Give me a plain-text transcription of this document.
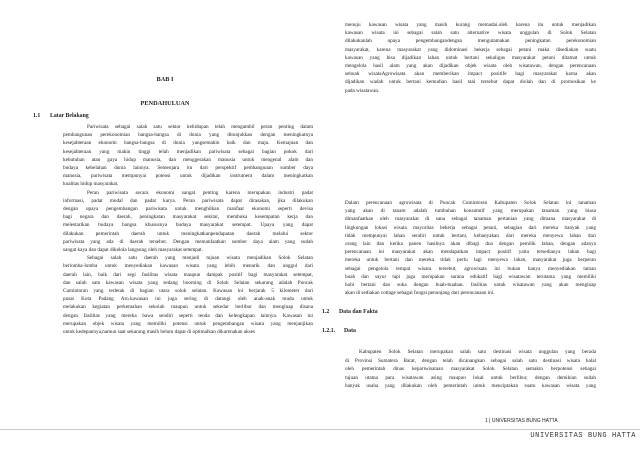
BAB I
PENDAHULUAN
1.1 Latar Belakang
Pariwisata sebagai salah satu sektor kehidupan telah mengambil peran penting dalam
pembangunan perekonomian bangsa-bangsa di dunia yang ditunjukkan dengan meningkatnya
kesejahteraan ekonomi bangsa-bangsa di dunia yangsemakin baik dan maju. Kemajuan dan
kesejahteraan yang makin tinggi telah menjadikan pariwisata sebagai bagian pokok dari
kebutuhan atau gaya hidup manusia, dan menggerakan manusia untuk mengenal alam dan
budaya kebelahan dunia lainnya. Semenjara itu dari perspektif pembangunan sumber daya
manusia, pariwisata mempunyai potensi untuk dijadikan instrument dalam meningkatkan
kualitas hidup masyarakat.
Peran pariwisata secara ekonomi sangat penting karena merupakan industri padat
informasi, padat modal dan padat karya. Peran pariwisata dapat dirasakan, jika dilakukan
dengan upaya pengembangan pariwisata untuk menghilkan manfaat ekonomi seperti devisa
bagi negara dan daerah, peningkatan masyarakat sekitar, membuka kesempatan kerja dan
melestarikan budaya bangsa khususnya budaya masyarakat setempat. Upaya yang dapat
dilakukan pemerintah daerah untuk meningkatkanpendapatan daerah melalui sektor
pariwisata yang ada di daerah tersebut. Dengan memanfaatkan sumber daya alam yang sudah
sangat kaya dan dapat dikelola langsung oleh masyarakat setempat.
Sebagai salah satu daerah yang menjadi tujuan wisata menjadikan Solok Selatan
berlomba-lomba untuk menyediakan kawasan wisata yang lebih menarik dan unggul dari
daerah lain, baik dari segi fasilitas wisata maupun dampak positif bagi masyarakat setempat,
dan salah satu kawasan wisata yang sedang booming di Solok Selatan sekarang adalah Puncak
Cumintoran yang terletak di bagian utara solok selatan. Kawasan ini berjarak 5 kilometer dari
pusat Kota Padang Aro.kawasan ini juga sering di datangi oleh anak-anak muda untuk
melakukan kegiatan perkemahan sekolah maupun untuk sekedar berlibur dan menginap disana
dengan fasilitas yang mereka bawa sendiri seperti tenda dan kelengkapan lainnya. Kawasan ini
merupakan objek wisata yang memiliki potensi untuk pengembangan wisata yang menjanjikan
untuk kedepannya,namun saat sekarang masih belum dapat di optimalkan dikarenakan akses
menuju kawasan wisata yang masih kurang memadai.oleh karena itu untuk menjadikan
kawasan wisata ini sebagai salah satu alternative wisata unggulan di Solok Selatan
dilakukanlah upaya pengembangandengan mengutamakan peningkatan perekonomian
masyarakat, karena masyarakat yang didominasi bekerja sebagai petani maka disediakan suatu
kawasan yang bisa dijadikan lahan untuk bertani sekaligus masyarakat petani ditamat untuk
mengelola hasil alam yang akan dijadikan objek wisata oleh wisatawan, dengan perencanaan
sebuah wisataAgrowisata akan memberikan impact positife bagi masyarakat karna akan
dijadikan wadah untuk bertani kemudian hasil tani tersebut dapat diolah dan di promosikan ke
pada wisatawan.
Dalam perencanaan agrowisata di Puncak Cumintoran Kabupaten Solok Selatan ini tanaman
yang akan di tanam adalah tumbuhan konsumtif yang merupakan tanaman yang biasa
dimanfaatkan oleh masyarakat di sana sebagai tanaman pertanian yang dimana masyarakat di
lingkungan lokasi wisata mayoritas bekerja sebagai petani, sebagian dari mereka banyak yang
tidak mempunyai lahan sendiri untuk bertani, kebanyakan dari mereka menyewa lahan dari
orang lain dan ketika panen hasilnya akan dibagi dua dengan pemilik lahan, dengan adanya
perencanaan ini masyarakat akan mendapatkan impact positif yaitu tersedianya lahan bagi
mereka untuk bertani dan mereka tidak perlu lagi menyewa lahan, masyarakat juga berperan
sebagai pengelola tempat wisata tersebut, agrowisata ini bukan hanya menyediakan taman
buah dan sayur tapi juga merupakan sarana edukatif bagi wisatawan terutama yang memiliki
hobi bertani dan suka dengan buah-buahan. fasilitas untuk wisatawan yang akan menginap
akan di sediakan cottage sebagai fungsi penunjang dari perencanaan ini.
1.2 Data dan Fakta
1.2.1. Data
Kabupaten Solok Selatan merupakan salah satu destinasi wisata unggulan yang berada
di Provinsi Sumatera Barat, dengan telah dicanangkan sebagai salah satu destinasi wisata halal
oleh pemerintah dinas kepariwisataan masyarakat Solok Selatan semakin berpotensi sebagai
tujuan utama para wisatawan asing maupun lokal untuk berlibur, dengan demikian sudah
banyak usaha yang dilakukan oleh pemerintah untuk menciptakan suatu kawasan wisata yang
1 | UNIVERSITAS BUNG HATTA
UNIVERSITAS BUNG HATTA
